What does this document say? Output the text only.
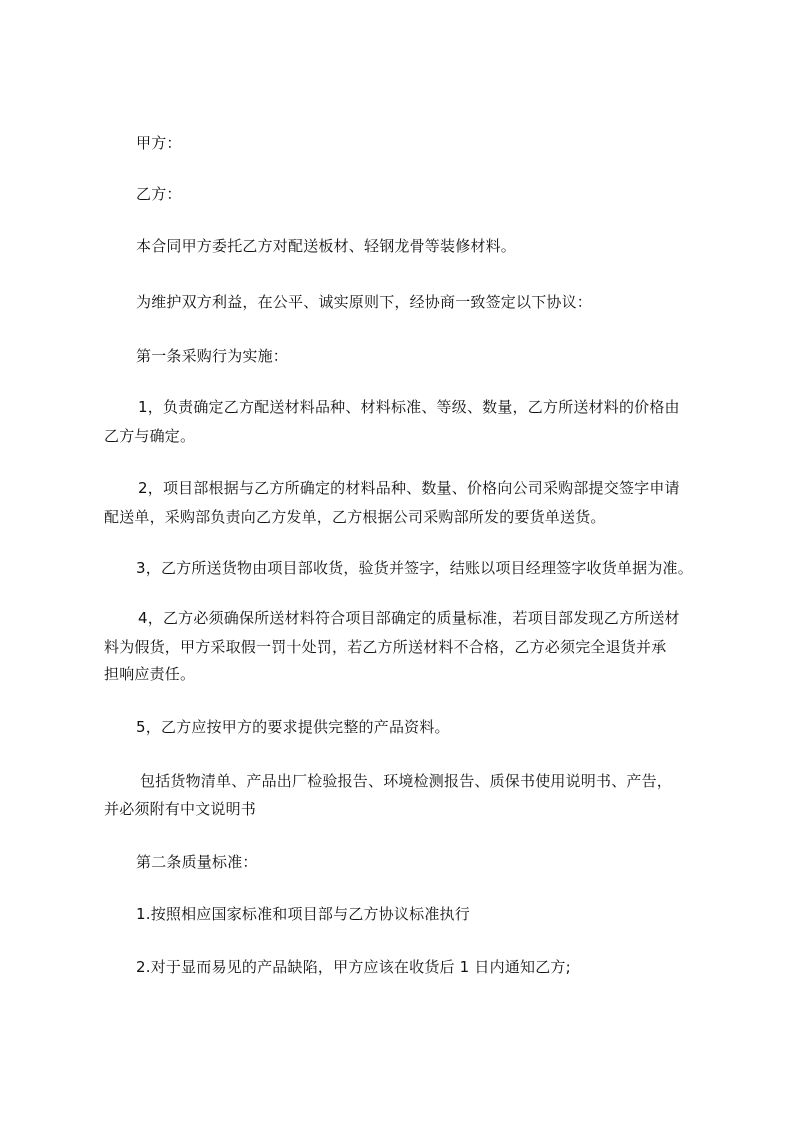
甲方：
乙方：
本合同甲方委托乙方对配送板材、轻钢龙骨等装修材料。
为维护双方利益，在公平、诚实原则下，经协商一致签定以下协议：
第一条采购行为实施：
1，负责确定乙方配送材料品种、材料标准、等级、数量，乙方所送材料的价格由
乙方与确定。
2，项目部根据与乙方所确定的材料品种、数量、价格向公司采购部提交签字申请
配送单，采购部负责向乙方发单，乙方根据公司采购部所发的要货单送货。
3，乙方所送货物由项目部收货，验货并签字，结账以项目经理签字收货单据为准。
4，乙方必须确保所送材料符合项目部确定的质量标准，若项目部发现乙方所送材
料为假货，甲方采取假一罚十处罚，若乙方所送材料不合格，乙方必须完全退货并承
担响应责任。
5，乙方应按甲方的要求提供完整的产品资料。
包括货物清单、产品出厂检验报告、环境检测报告、质保书使用说明书、产告，
并必须附有中文说明书
第二条质量标准：
1.按照相应国家标准和项目部与乙方协议标准执行
2.对于显而易见的产品缺陷，甲方应该在收货后 1 日内通知乙方;
